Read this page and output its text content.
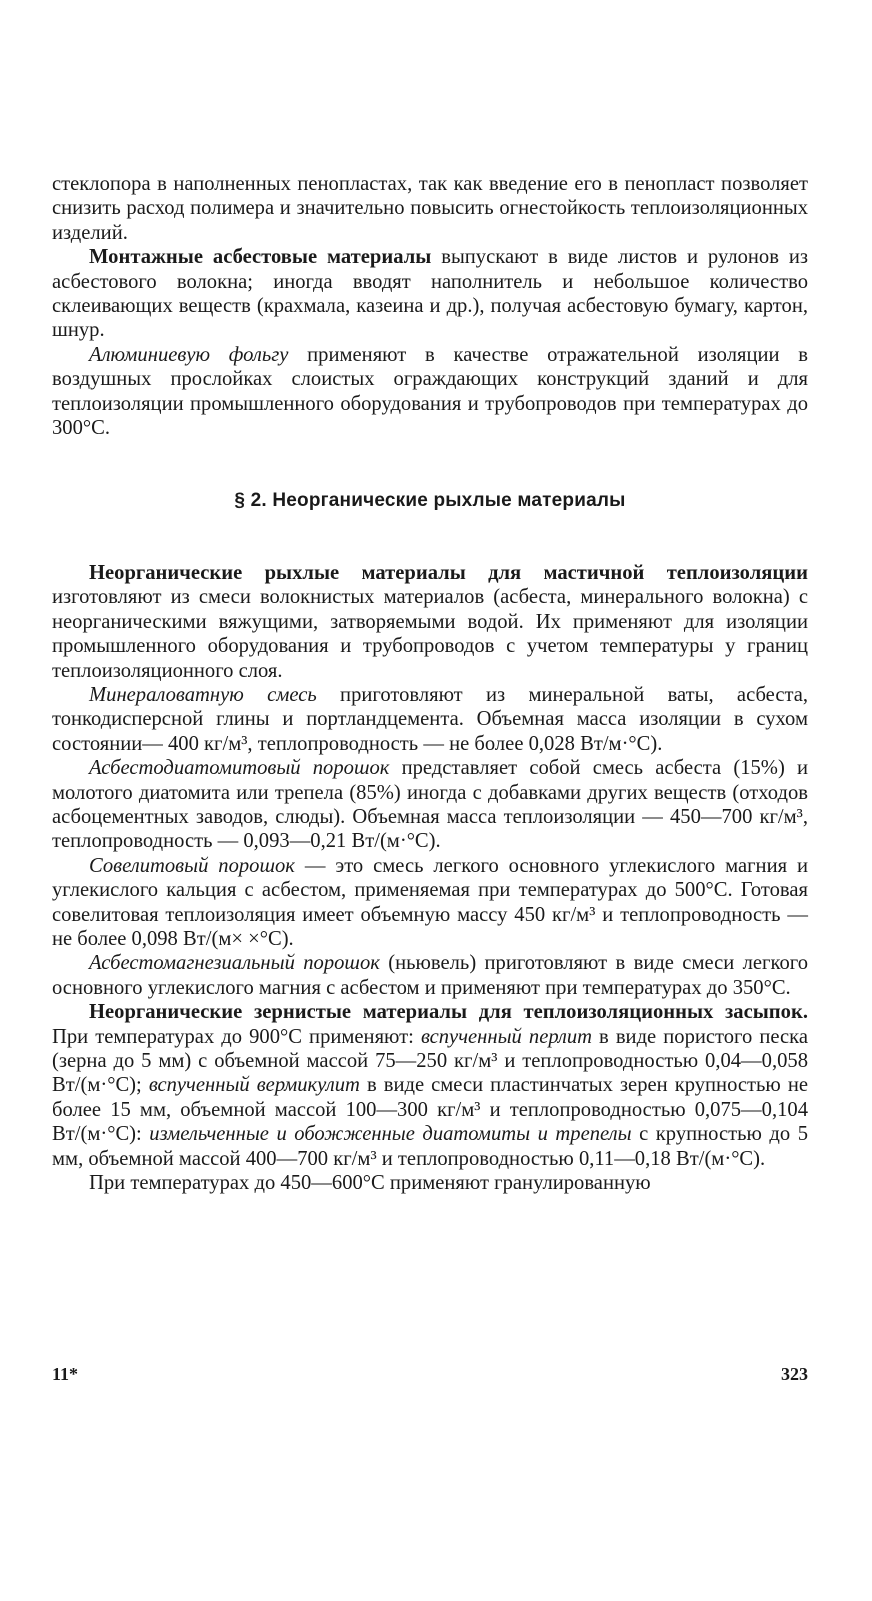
стеклопора в наполненных пенопластах, так как введение его в пенопласт позволяет снизить расход полимера и значительно повысить огнестойкость теплоизоляционных изделий.

Монтажные асбестовые материалы выпускают в виде листов и рулонов из асбестового волокна; иногда вводят наполнитель и небольшое количество склеивающих веществ (крахмала, казеина и др.), получая асбестовую бумагу, картон, шнур.

Алюминиевую фольгу применяют в качестве отражательной изоляции в воздушных прослойках слоистых ограждающих конструкций зданий и для теплоизоляции промышленного оборудования и трубопроводов при температурах до 300°С.

§ 2. Неорганические рыхлые материалы

Неорганические рыхлые материалы для мастичной теплоизоляции изготовляют из смеси волокнистых материалов (асбеста, минерального волокна) с неорганическими вяжущими, затворяемыми водой. Их применяют для изоляции промышленного оборудования и трубопроводов с учетом температуры у границ теплоизоляционного слоя.

Минераловатную смесь приготовляют из минеральной ваты, асбеста, тонкодисперсной глины и портландцемента. Объемная масса изоляции в сухом состоянии— 400 кг/м³, теплопроводность — не более 0,028 Вт/м·°С).

Асбестодиатомитовый порошок представляет собой смесь асбеста (15%) и молотого диатомита или трепела (85%) иногда с добавками других веществ (отходов асбоцементных заводов, слюды). Объемная масса теплоизоляции — 450—700 кг/м³, теплопроводность — 0,093—0,21 Вт/(м·°С).

Совелитовый порошок — это смесь легкого основного углекислого магния и углекислого кальция с асбестом, применяемая при температурах до 500°С. Готовая совелитовая теплоизоляция имеет объемную массу 450 кг/м³ и теплопроводность — не более 0,098 Вт/(м× ×°С).

Асбестомагнезиальный порошок (ньювель) приготовляют в виде смеси легкого основного углекислого магния с асбестом и применяют при температурах до 350°С.

Неорганические зернистые материалы для теплоизоляционных засыпок. При температурах до 900°С применяют: вспученный перлит в виде пористого песка (зерна до 5 мм) с объемной массой 75—250 кг/м³ и теплопроводностью 0,04—0,058 Вт/(м·°С); вспученный вермикулит в виде смеси пластинчатых зерен крупностью не более 15 мм, объемной массой 100—300 кг/м³ и теплопроводностью 0,075—0,104 Вт/(м·°С): измельченные и обожженные диатомиты и трепелы с крупностью до 5 мм, объемной массой 400—700 кг/м³ и теплопроводностью 0,11—0,18 Вт/(м·°С).

При температурах до 450—600°С применяют гранулированную

11*	323
